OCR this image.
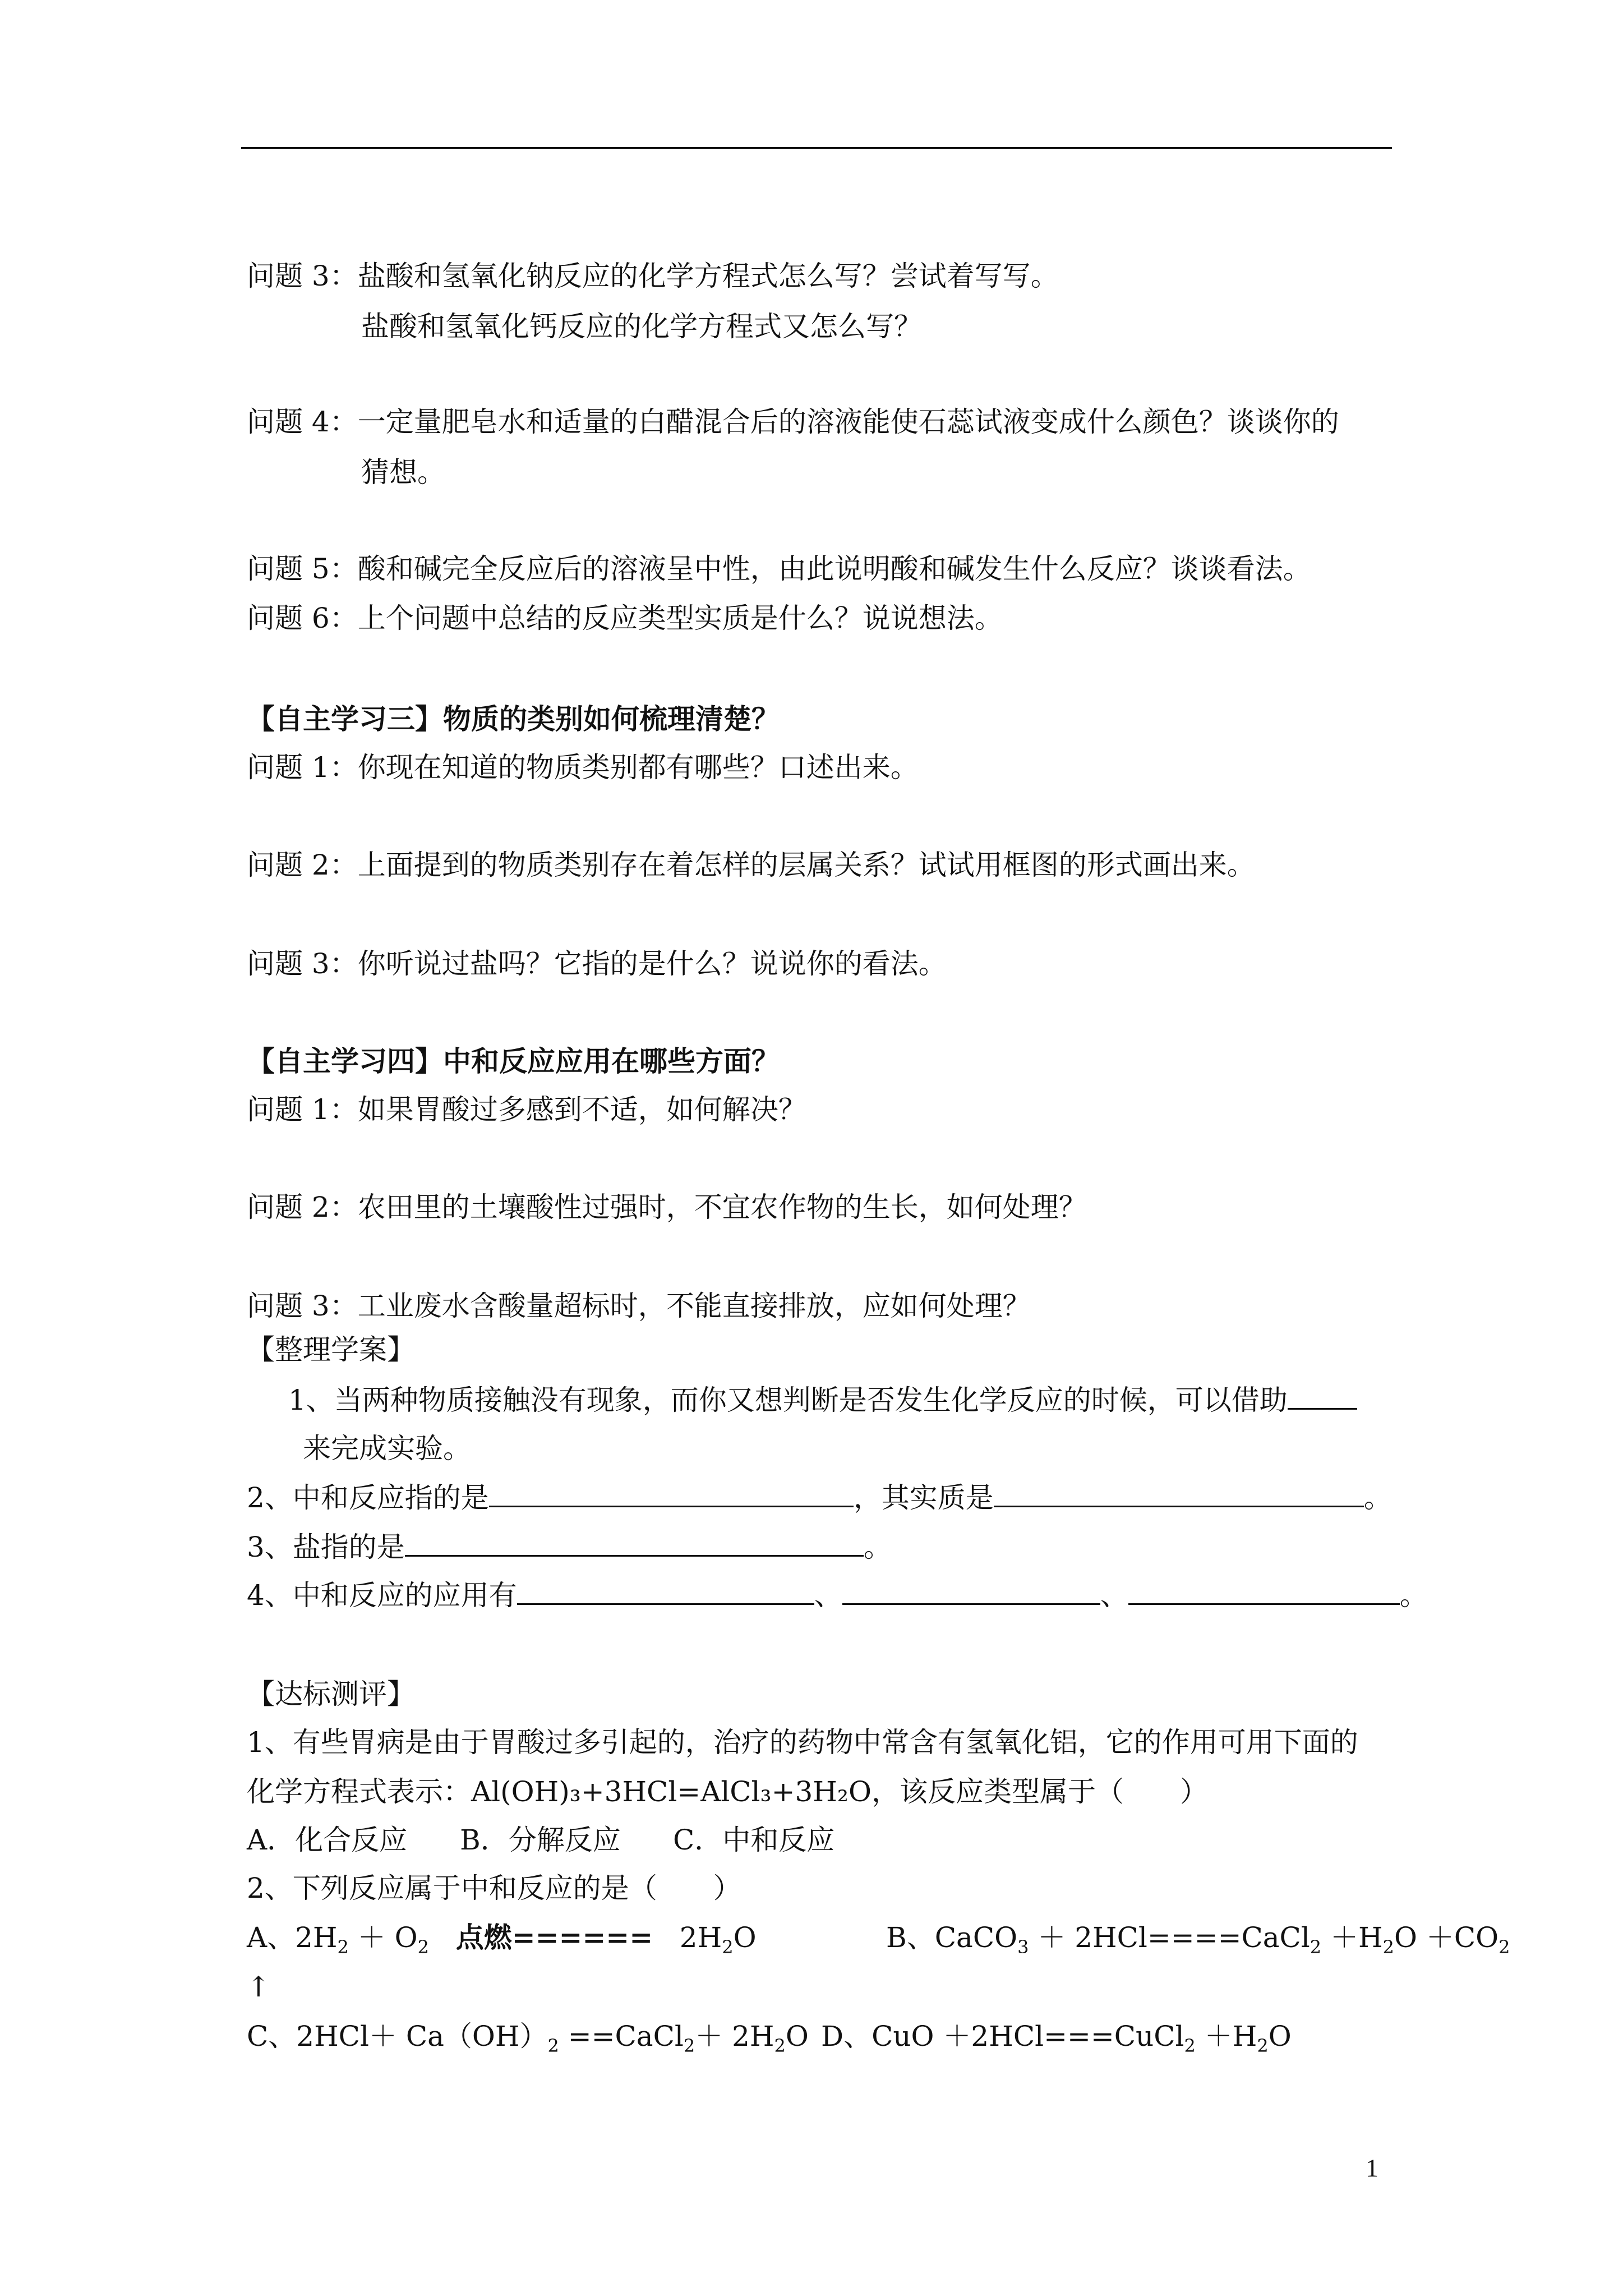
问题 3：盐酸和氢氧化钠反应的化学方程式怎么写？尝试着写写。
盐酸和氢氧化钙反应的化学方程式又怎么写？
问题 4：一定量肥皂水和适量的白醋混合后的溶液能使石蕊试液变成什么颜色？谈谈你的
猜想。
问题 5：酸和碱完全反应后的溶液呈中性，由此说明酸和碱发生什么反应？谈谈看法。
问题 6：上个问题中总结的反应类型实质是什么？说说想法。
【自主学习三】物质的类别如何梳理清楚？
问题 1：你现在知道的物质类别都有哪些？口述出来。
问题 2：上面提到的物质类别存在着怎样的层属关系？试试用框图的形式画出来。
问题 3：你听说过盐吗？它指的是什么？说说你的看法。
【自主学习四】中和反应应用在哪些方面？
问题 1：如果胃酸过多感到不适，如何解决？
问题 2：农田里的土壤酸性过强时，不宜农作物的生长，如何处理？
问题 3：工业废水含酸量超标时，不能直接排放，应如何处理？
【整理学案】
1、当两种物质接触没有现象，而你又想判断是否发生化学反应的时候，可以借助
来完成实验。
2、中和反应指的是	，其实质是	。
3、盐指的是	。
4、中和反应的应用有	、	、	。
【达标测评】
1、有些胃病是由于胃酸过多引起的，治疗的药物中常含有氢氧化铝，它的作用可用下面的
化学方程式表示：Al(OH)₃+3HCl=AlCl₃+3H₂O，该反应类型属于（　　）
A．化合反应 B．分解反应 C．中和反应
2、下列反应属于中和反应的是（　　）
A、$2H_2 + O_2$ 点燃======   $2H_2O$	B、CaCO$_3$ ＋ 2HCl====CaCl$_2$ $+H_2O +CO_2$
↑
C、$2HCl+ Ca(OH)_2$ ==CaCl$_2$＋ $2H_2O$ D、CuO ＋2HCl===CuCl$_2$ $+H_2O$
1
